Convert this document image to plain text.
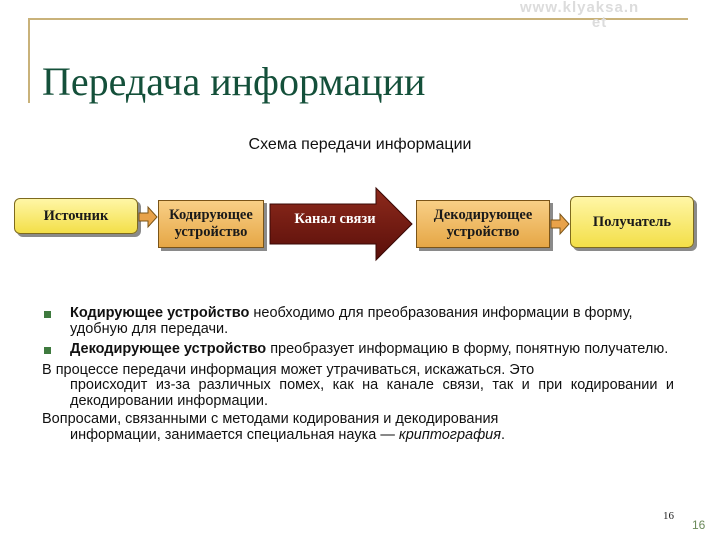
www.klyaksa.n
et
Передача информации
Схема передачи информации
Источник	Кодирующее
устройство
Канал связи	Декодирующее
устройство
Получатель
Кодирующее устройство необходимо для преобразования информации в форму, удобную для передачи.
Декодирующее устройство преобразует информацию в форму, понятную получателю.
В процессе передачи информация может утрачиваться, искажаться. Это
происходит из-за различных помех, как на канале связи, так и при кодировании и декодировании информации.
Вопросами, связанными с методами кодирования и декодирования
информации, занимается специальная наука — криптография.
16
16
